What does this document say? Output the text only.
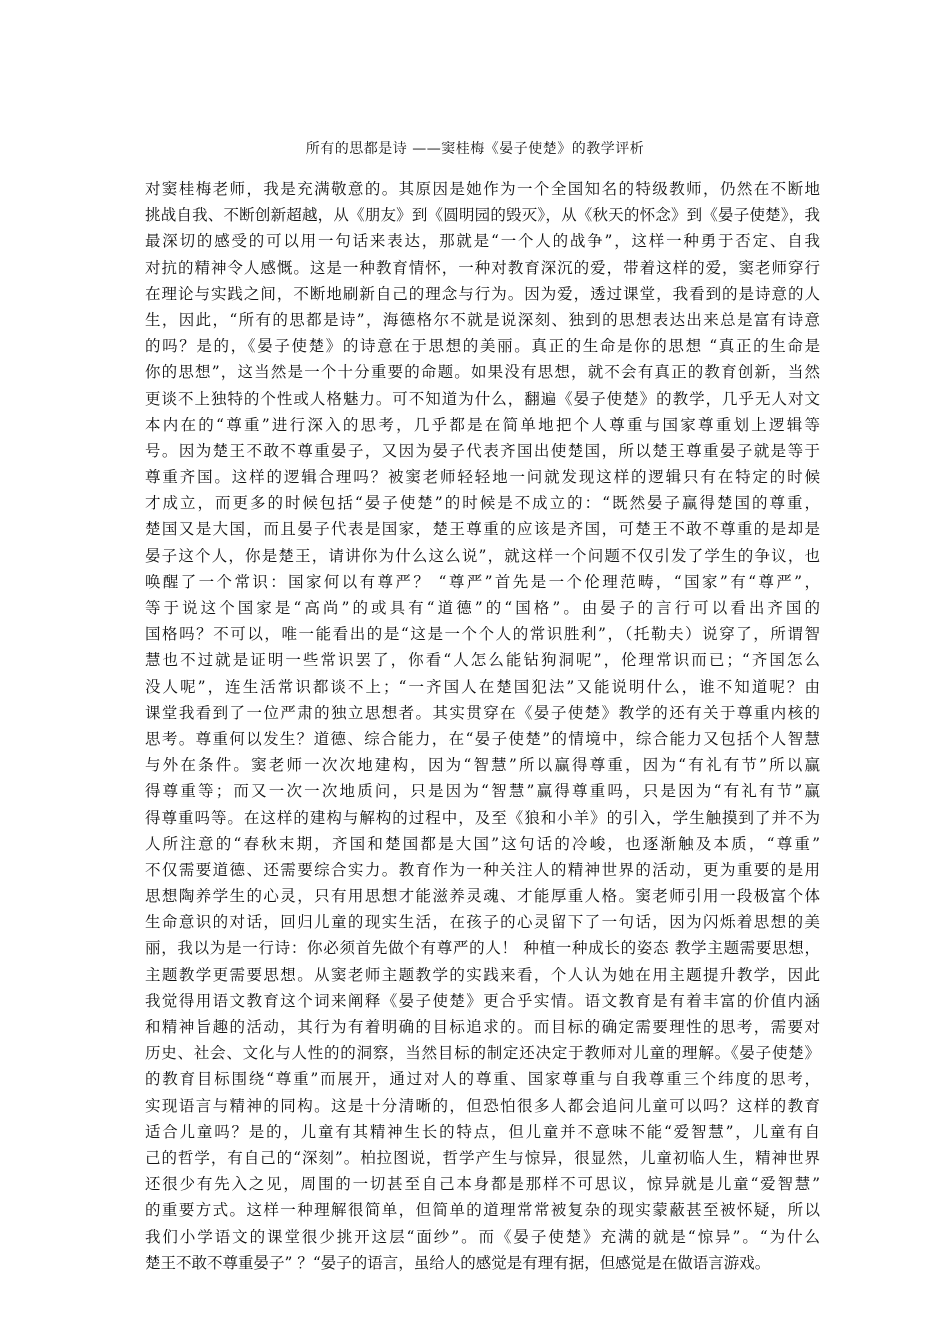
所有的思都是诗 ——窦桂梅《晏子使楚》的教学评析
对窦桂梅老师，我是充满敬意的。其原因是她作为一个全国知名的特级教师，仍然在不断地
挑战自我、不断创新超越，从《朋友》到《圆明园的毁灭》，从《秋天的怀念》到《晏子使楚》，我
最深切的感受的可以用一句话来表达，那就是“一个人的战争”，这样一种勇于否定、自我
对抗的精神令人感慨。这是一种教育情怀，一种对教育深沉的爱，带着这样的爱，窦老师穿行
在理论与实践之间，不断地刷新自己的理念与行为。因为爱，透过课堂，我看到的是诗意的人
生，因此，“所有的思都是诗”，海德格尔不就是说深刻、独到的思想表达出来总是富有诗意
的吗？是的，《晏子使楚》的诗意在于思想的美丽。真正的生命是你的思想 “真正的生命是
你的思想”，这当然是一个十分重要的命题。如果没有思想，就不会有真正的教育创新，当然
更谈不上独特的个性或人格魅力。可不知道为什么，翻遍《晏子使楚》的教学，几乎无人对文
本内在的“尊重”进行深入的思考，几乎都是在简单地把个人尊重与国家尊重划上逻辑等
号。因为楚王不敢不尊重晏子，又因为晏子代表齐国出使楚国，所以楚王尊重晏子就是等于
尊重齐国。这样的逻辑合理吗？被窦老师轻轻地一问就发现这样的逻辑只有在特定的时候
才成立，而更多的时候包括“晏子使楚”的时候是不成立的：“既然晏子赢得楚国的尊重，
楚国又是大国，而且晏子代表是国家，楚王尊重的应该是齐国，可楚王不敢不尊重的是却是
晏子这个人，你是楚王，请讲你为什么这么说”，就这样一个问题不仅引发了学生的争议，也
唤醒了一个常识：国家何以有尊严？ “尊严”首先是一个伦理范畴，“国家”有“尊严”，
等于说这个国家是“高尚”的或具有“道德”的“国格”。由晏子的言行可以看出齐国的
国格吗？不可以，唯一能看出的是“这是一个个人的常识胜利”，（托勒夫）说穿了，所谓智
慧也不过就是证明一些常识罢了，你看“人怎么能钻狗洞呢”，伦理常识而已；“齐国怎么
没人呢”，连生活常识都谈不上；“一齐国人在楚国犯法”又能说明什么，谁不知道呢？由
课堂我看到了一位严肃的独立思想者。其实贯穿在《晏子使楚》教学的还有关于尊重内核的
思考。尊重何以发生？道德、综合能力，在“晏子使楚”的情境中，综合能力又包括个人智慧
与外在条件。窦老师一次次地建构，因为“智慧”所以赢得尊重，因为“有礼有节”所以赢
得尊重等；而又一次一次地质问，只是因为“智慧”赢得尊重吗，只是因为“有礼有节”赢
得尊重吗等。在这样的建构与解构的过程中，及至《狼和小羊》的引入，学生触摸到了并不为
人所注意的“春秋末期，齐国和楚国都是大国”这句话的冷峻，也逐渐触及本质，“尊重”
不仅需要道德、还需要综合实力。教育作为一种关注人的精神世界的活动，更为重要的是用
思想陶养学生的心灵，只有用思想才能滋养灵魂、才能厚重人格。窦老师引用一段极富个体
生命意识的对话，回归儿童的现实生活，在孩子的心灵留下了一句话，因为闪烁着思想的美
丽，我以为是一行诗：你必须首先做个有尊严的人！ 种植一种成长的姿态 教学主题需要思想，
主题教学更需要思想。从窦老师主题教学的实践来看，个人认为她在用主题提升教学，因此
我觉得用语文教育这个词来阐释《晏子使楚》更合乎实情。语文教育是有着丰富的价值内涵
和精神旨趣的活动，其行为有着明确的目标追求的。而目标的确定需要理性的思考，需要对
历史、社会、文化与人性的的洞察，当然目标的制定还决定于教师对儿童的理解。《晏子使楚》
的教育目标围绕“尊重”而展开，通过对人的尊重、国家尊重与自我尊重三个纬度的思考，
实现语言与精神的同构。这是十分清晰的，但恐怕很多人都会追问儿童可以吗？这样的教育
适合儿童吗？是的，儿童有其精神生长的特点，但儿童并不意味不能“爱智慧”，儿童有自
己的哲学，有自己的“深刻”。柏拉图说，哲学产生与惊异，很显然，儿童初临人生，精神世界
还很少有先入之见，周围的一切甚至自己本身都是那样不可思议，惊异就是儿童“爱智慧”
的重要方式。这样一种理解很简单，但简单的道理常常被复杂的现实蒙蔽甚至被怀疑，所以
我们小学语文的课堂很少挑开这层“面纱”。而《晏子使楚》充满的就是“惊异”。“为什么
楚王不敢不尊重晏子” ？“晏子的语言，虽给人的感觉是有理有据，但感觉是在做语言游戏。
